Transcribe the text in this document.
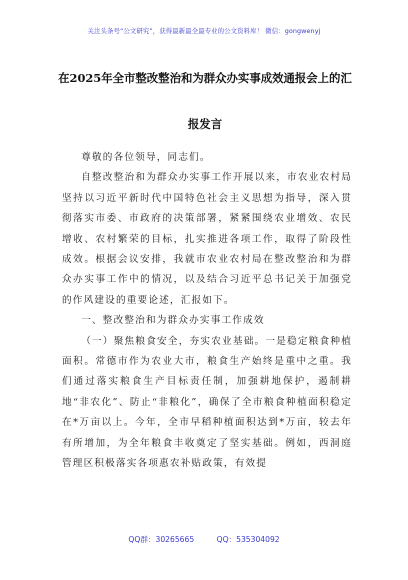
关注头条号“公文研究”，获得最新最全最专业的公文资料库！ 微信：gongwenyj
在2025年全市整改整治和为群众办实事成效通报会上的汇
报发言

尊敬的各位领导，同志们。

自整改整治和为群众办实事工作开展以来，市农业农村局坚持以习近平新时代中国特色社会主义思想为指导，深入贯彻落实市委、市政府的决策部署，紧紧围绕农业增效、农民增收、农村繁荣的目标，扎实推进各项工作，取得了阶段性成效。根据会议安排，我就市农业农村局在整改整治和为群众办实事工作中的情况，以及结合习近平总书记关于加强党的作风建设的重要论述，汇报如下。

一、整改整治和为群众办实事工作成效

（一）聚焦粮食安全，夯实农业基础。一是稳定粮食种植面积。常德市作为农业大市，粮食生产始终是重中之重。我们通过落实粮食生产目标责任制，加强耕地保护，遏制耕地“非农化”、防止“非粮化”，确保了全市粮食种植面积稳定在*万亩以上。今年，全市早稻种植面积达到*万亩，较去年有所增加，为全年粮食丰收奠定了坚实基础。例如，西洞庭管理区积极落实各项惠农补贴政策，有效提

QQ群：30265665	QQ：535304092
